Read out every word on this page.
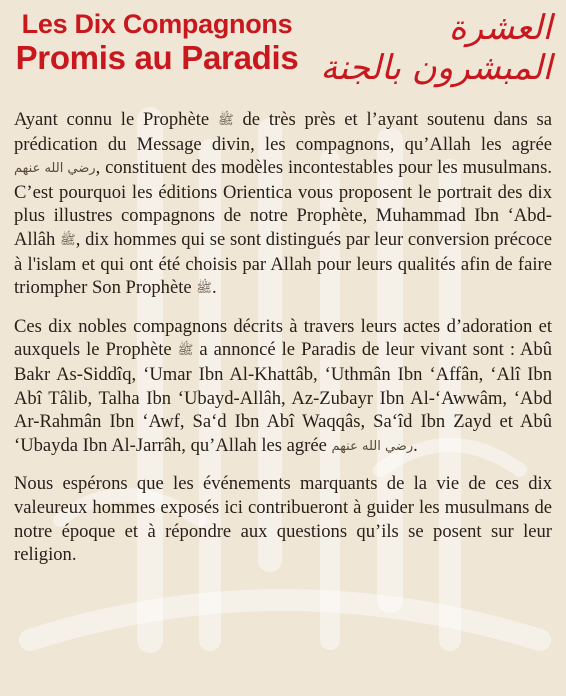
Les Dix Compagnons
Promis au Paradis
العشرة المبشرون بالجنة

Ayant connu le Prophète ﷺ de très près et l’ayant soutenu dans sa prédication du Message divin, les compagnons, qu’Allah les agrée رضي الله عنهم, constituent des modèles incontestables pour les musulmans. C’est pourquoi les éditions Orientica vous proposent le portrait des dix plus illustres compagnons de notre Prophète, Muhammad Ibn ‘Abd-Allâh ﷺ, dix hommes qui se sont distingués par leur conversion précoce à l'islam et qui ont été choisis par Allah pour leurs qualités afin de faire triompher Son Prophète ﷺ.

Ces dix nobles compagnons décrits à travers leurs actes d’adoration et auxquels le Prophète ﷺ a annoncé le Paradis de leur vivant sont : Abû Bakr As-Siddîq, ‘Umar Ibn Al-Khattâb, ‘Uthmân Ibn ‘Affân, ‘Alî Ibn Abî Tâlib, Talha Ibn ‘Ubayd-Allâh, Az-Zubayr Ibn Al-‘Awwâm, ‘Abd Ar-Rahmân Ibn ‘Awf, Sa‘d Ibn Abî Waqqâs, Sa‘îd Ibn Zayd et Abû ‘Ubayda Ibn Al-Jarrâh, qu’Allah les agrée رضي الله عنهم.

Nous espérons que les événements marquants de la vie de ces dix valeureux hommes exposés ici contribueront à guider les musulmans de notre époque et à répondre aux questions qu’ils se posent sur leur religion.
